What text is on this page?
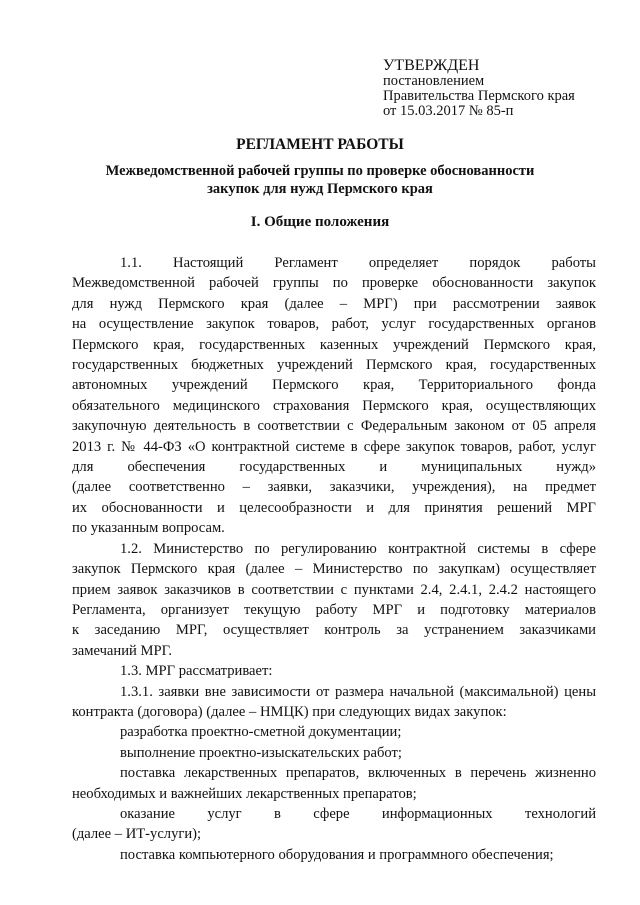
УТВЕРЖДЕН
постановлением
Правительства Пермского края
от 15.03.2017 № 85-п
РЕГЛАМЕНТ РАБОТЫ
Межведомственной рабочей группы по проверке обоснованности
закупок для нужд Пермского края
I. Общие положения

1.1. Настоящий Регламент определяет порядок работы
Межведомственной рабочей группы по проверке обоснованности закупок
для нужд Пермского края (далее – МРГ) при рассмотрении заявок
на осуществление закупок товаров, работ, услуг государственных органов
Пермского края, государственных казенных учреждений Пермского края,
государственных бюджетных учреждений Пермского края, государственных
автономных учреждений Пермского края, Территориального фонда
обязательного медицинского страхования Пермского края, осуществляющих
закупочную деятельность в соответствии с Федеральным законом от 05 апреля
2013 г. № 44-ФЗ «О контрактной системе в сфере закупок товаров, работ, услуг
для обеспечения государственных и муниципальных нужд»
(далее соответственно – заявки, заказчики, учреждения), на предмет
их обоснованности и целесообразности и для принятия решений МРГ
по указанным вопросам.

1.2. Министерство по регулированию контрактной системы в сфере
закупок Пермского края (далее – Министерство по закупкам) осуществляет
прием заявок заказчиков в соответствии с пунктами 2.4, 2.4.1, 2.4.2 настоящего
Регламента, организует текущую работу МРГ и подготовку материалов
к заседанию МРГ, осуществляет контроль за устранением заказчиками
замечаний МРГ.

1.3. МРГ рассматривает:

1.3.1. заявки вне зависимости от размера начальной (максимальной) цены
контракта (договора) (далее – НМЦК) при следующих видах закупок:

разработка проектно-сметной документации;

выполнение проектно-изыскательских работ;

поставка лекарственных препаратов, включенных в перечень жизненно
необходимых и важнейших лекарственных препаратов;

оказание услуг в сфере информационных технологий
(далее – ИТ-услуги);

поставка компьютерного оборудования и программного обеспечения;
